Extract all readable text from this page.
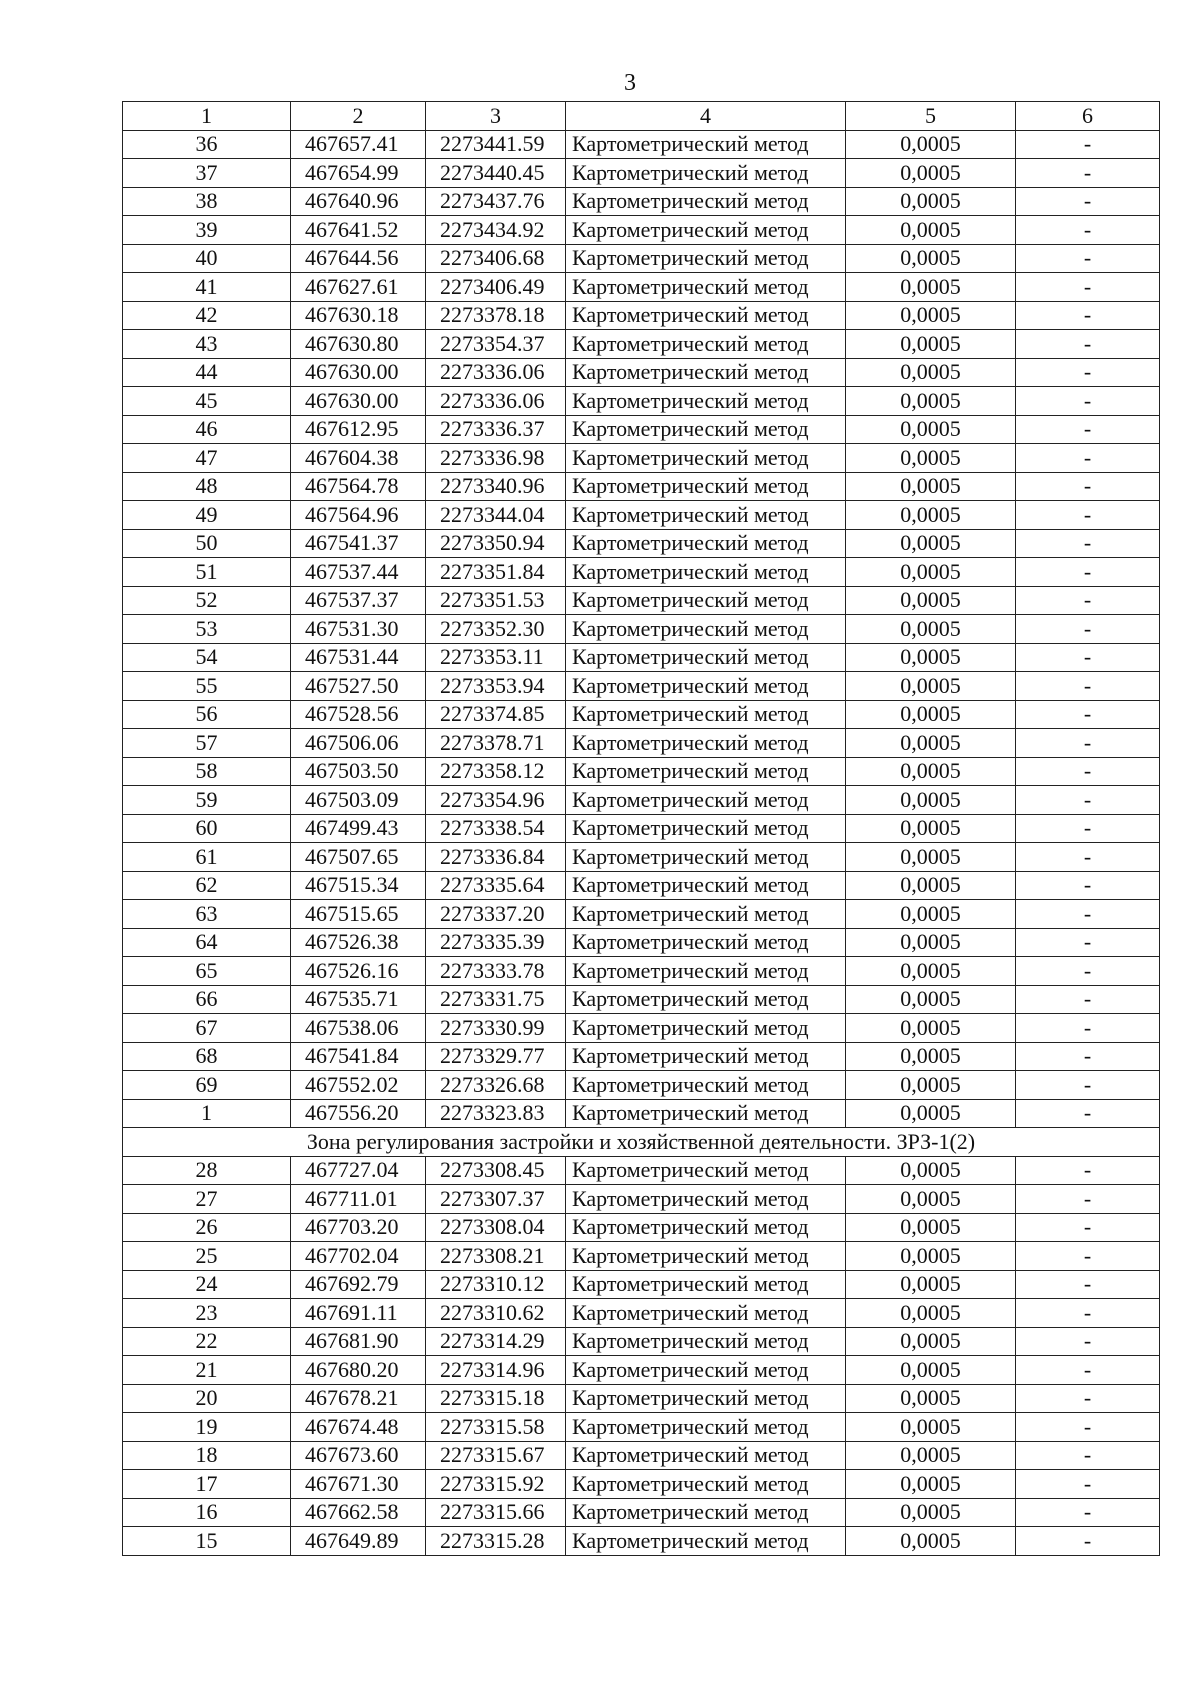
3
1	2	3	4	5	6
36	467657.41	2273441.59	Картометрический метод	0,0005	-
37	467654.99	2273440.45	Картометрический метод	0,0005	-
38	467640.96	2273437.76	Картометрический метод	0,0005	-
39	467641.52	2273434.92	Картометрический метод	0,0005	-
40	467644.56	2273406.68	Картометрический метод	0,0005	-
41	467627.61	2273406.49	Картометрический метод	0,0005	-
42	467630.18	2273378.18	Картометрический метод	0,0005	-
43	467630.80	2273354.37	Картометрический метод	0,0005	-
44	467630.00	2273336.06	Картометрический метод	0,0005	-
45	467630.00	2273336.06	Картометрический метод	0,0005	-
46	467612.95	2273336.37	Картометрический метод	0,0005	-
47	467604.38	2273336.98	Картометрический метод	0,0005	-
48	467564.78	2273340.96	Картометрический метод	0,0005	-
49	467564.96	2273344.04	Картометрический метод	0,0005	-
50	467541.37	2273350.94	Картометрический метод	0,0005	-
51	467537.44	2273351.84	Картометрический метод	0,0005	-
52	467537.37	2273351.53	Картометрический метод	0,0005	-
53	467531.30	2273352.30	Картометрический метод	0,0005	-
54	467531.44	2273353.11	Картометрический метод	0,0005	-
55	467527.50	2273353.94	Картометрический метод	0,0005	-
56	467528.56	2273374.85	Картометрический метод	0,0005	-
57	467506.06	2273378.71	Картометрический метод	0,0005	-
58	467503.50	2273358.12	Картометрический метод	0,0005	-
59	467503.09	2273354.96	Картометрический метод	0,0005	-
60	467499.43	2273338.54	Картометрический метод	0,0005	-
61	467507.65	2273336.84	Картометрический метод	0,0005	-
62	467515.34	2273335.64	Картометрический метод	0,0005	-
63	467515.65	2273337.20	Картометрический метод	0,0005	-
64	467526.38	2273335.39	Картометрический метод	0,0005	-
65	467526.16	2273333.78	Картометрический метод	0,0005	-
66	467535.71	2273331.75	Картометрический метод	0,0005	-
67	467538.06	2273330.99	Картометрический метод	0,0005	-
68	467541.84	2273329.77	Картометрический метод	0,0005	-
69	467552.02	2273326.68	Картометрический метод	0,0005	-
1	467556.20	2273323.83	Картометрический метод	0,0005	-
Зона регулирования застройки и хозяйственной деятельности. ЗРЗ-1(2)					
28	467727.04	2273308.45	Картометрический метод	0,0005	-
27	467711.01	2273307.37	Картометрический метод	0,0005	-
26	467703.20	2273308.04	Картометрический метод	0,0005	-
25	467702.04	2273308.21	Картометрический метод	0,0005	-
24	467692.79	2273310.12	Картометрический метод	0,0005	-
23	467691.11	2273310.62	Картометрический метод	0,0005	-
22	467681.90	2273314.29	Картометрический метод	0,0005	-
21	467680.20	2273314.96	Картометрический метод	0,0005	-
20	467678.21	2273315.18	Картометрический метод	0,0005	-
19	467674.48	2273315.58	Картометрический метод	0,0005	-
18	467673.60	2273315.67	Картометрический метод	0,0005	-
17	467671.30	2273315.92	Картометрический метод	0,0005	-
16	467662.58	2273315.66	Картометрический метод	0,0005	-
15	467649.89	2273315.28	Картометрический метод	0,0005	-
